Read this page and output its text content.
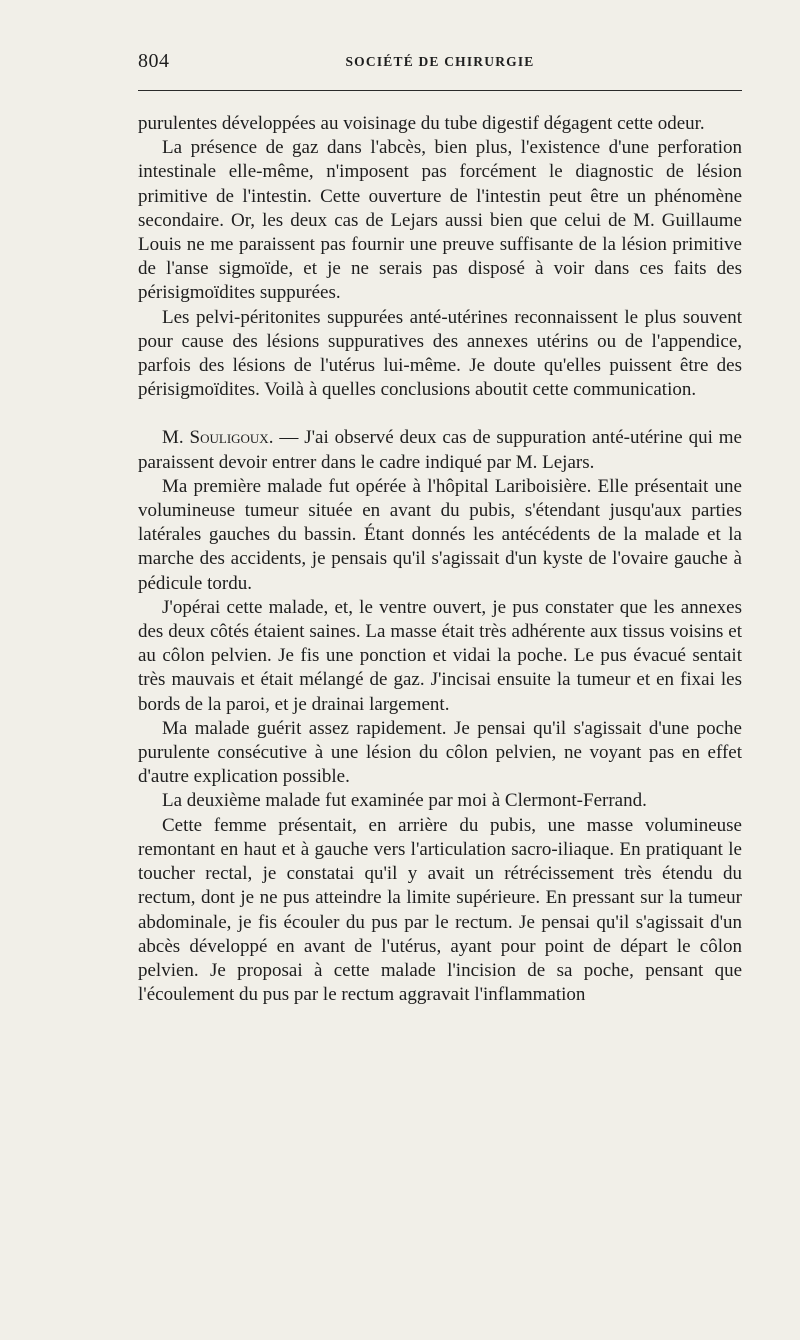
804	SOCIÉTÉ DE CHIRURGIE

purulentes développées au voisinage du tube digestif dégagent cette odeur.

La présence de gaz dans l'abcès, bien plus, l'existence d'une perforation intestinale elle-même, n'imposent pas forcément le diagnostic de lésion primitive de l'intestin. Cette ouverture de l'intestin peut être un phénomène secondaire. Or, les deux cas de Lejars aussi bien que celui de M. Guillaume Louis ne me paraissent pas fournir une preuve suffisante de la lésion primitive de l'anse sigmoïde, et je ne serais pas disposé à voir dans ces faits des périsigmoïdites suppurées.

Les pelvi-péritonites suppurées anté-utérines reconnaissent le plus souvent pour cause des lésions suppuratives des annexes utérins ou de l'appendice, parfois des lésions de l'utérus lui-même. Je doute qu'elles puissent être des périsigmoïdites. Voilà à quelles conclusions aboutit cette communication.

M. Souligoux. — J'ai observé deux cas de suppuration anté-utérine qui me paraissent devoir entrer dans le cadre indiqué par M. Lejars.

Ma première malade fut opérée à l'hôpital Lariboisière. Elle présentait une volumineuse tumeur située en avant du pubis, s'étendant jusqu'aux parties latérales gauches du bassin. Étant donnés les antécédents de la malade et la marche des accidents, je pensais qu'il s'agissait d'un kyste de l'ovaire gauche à pédicule tordu.

J'opérai cette malade, et, le ventre ouvert, je pus constater que les annexes des deux côtés étaient saines. La masse était très adhérente aux tissus voisins et au côlon pelvien. Je fis une ponction et vidai la poche. Le pus évacué sentait très mauvais et était mélangé de gaz. J'incisai ensuite la tumeur et en fixai les bords de la paroi, et je drainai largement.

Ma malade guérit assez rapidement. Je pensai qu'il s'agissait d'une poche purulente consécutive à une lésion du côlon pelvien, ne voyant pas en effet d'autre explication possible.

La deuxième malade fut examinée par moi à Clermont-Ferrand.

Cette femme présentait, en arrière du pubis, une masse volumineuse remontant en haut et à gauche vers l'articulation sacro-iliaque. En pratiquant le toucher rectal, je constatai qu'il y avait un rétrécissement très étendu du rectum, dont je ne pus atteindre la limite supérieure. En pressant sur la tumeur abdominale, je fis écouler du pus par le rectum. Je pensai qu'il s'agissait d'un abcès développé en avant de l'utérus, ayant pour point de départ le côlon pelvien. Je proposai à cette malade l'incision de sa poche, pensant que l'écoulement du pus par le rectum aggravait l'inflammation
